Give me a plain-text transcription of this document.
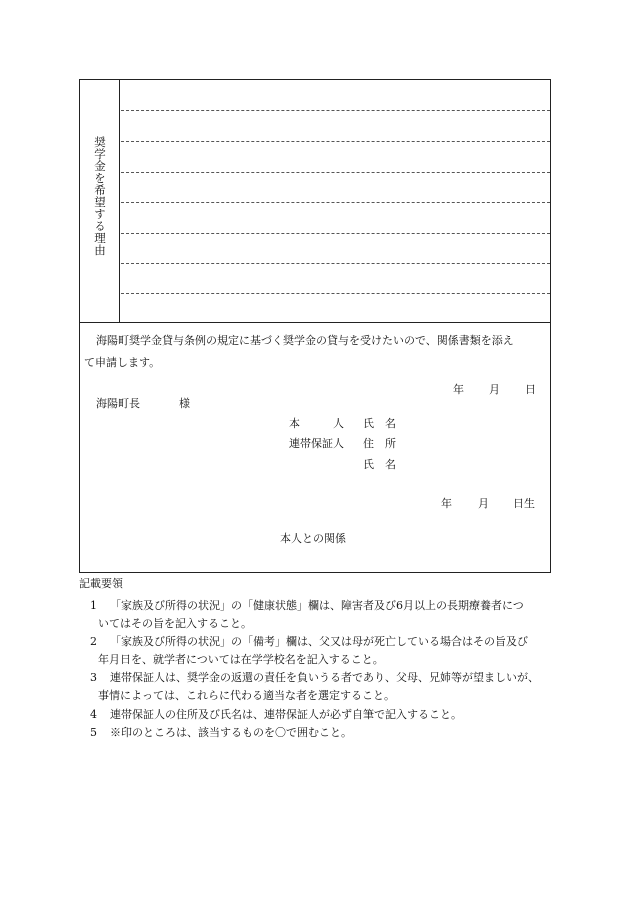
奨学金を希望する理由
海陽町奨学金貸与条例の規定に基づく奨学金の貸与を受けたいので、関係書類を添え
て申請します。
年 月 日
海陽町長	様
本　　　人 氏　名
連帯保証人 住　所
氏　名
年 月 日生
本人との関係
記載要領
1 「家族及び所得の状況」の「健康状態」欄は、障害者及び6月以上の長期療養者につ
いてはその旨を記入すること。
2 「家族及び所得の状況」の「備考」欄は、父又は母が死亡している場合はその旨及び
年月日を、就学者については在学学校名を記入すること。
3 連帯保証人は、奨学金の返還の責任を負いうる者であり、父母、兄姉等が望ましいが、
事情によっては、これらに代わる適当な者を選定すること。
4 連帯保証人の住所及び氏名は、連帯保証人が必ず自筆で記入すること。
5 ※印のところは、該当するものを〇で囲むこと。
